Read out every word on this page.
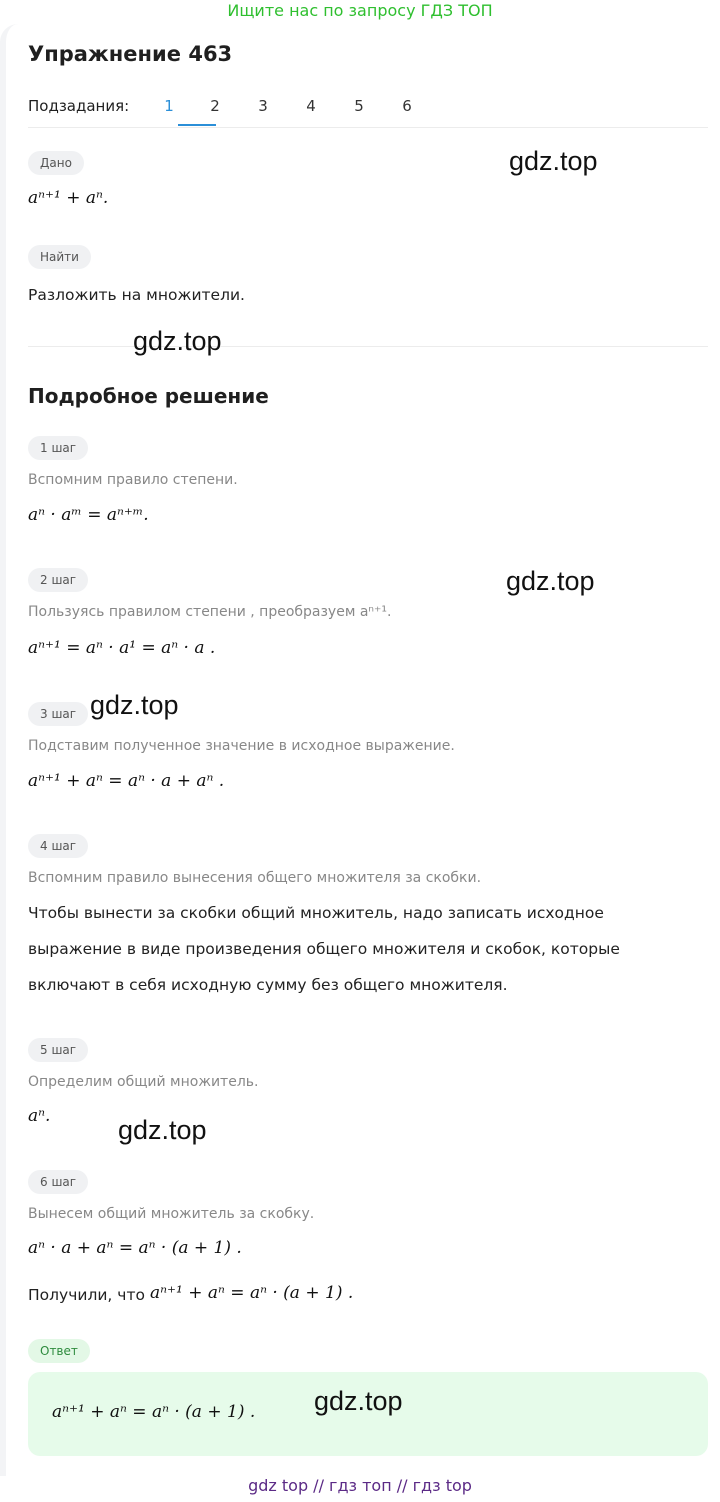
Ищите нас по запросу ГДЗ ТОП
Упражнение 463
Подзадания:	1	2	3	4	5	6
Дано
aⁿ⁺¹ + aⁿ.
Найти
Разложить на множители.
Подробное решение
1 шаг
Вспомним правило степени.
aⁿ · aᵐ = aⁿ⁺ᵐ.
2 шаг
Пользуясь правилом степени , преобразуем aⁿ⁺¹.
aⁿ⁺¹ = aⁿ · a¹ = aⁿ · a .
3 шаг
Подставим полученное значение в исходное выражение.
aⁿ⁺¹ + aⁿ = aⁿ · a + aⁿ .
4 шаг
Вспомним правило вынесения общего множителя за скобки.
Чтобы вынести за скобки общий множитель, надо записать исходное
выражение в виде произведения общего множителя и скобок, которые
включают в себя исходную сумму без общего множителя.
5 шаг
Определим общий множитель.
aⁿ.
6 шаг
Вынесем общий множитель за скобку.
aⁿ · a + aⁿ = aⁿ · (a + 1) .
Получили, что aⁿ⁺¹ + aⁿ = aⁿ · (a + 1) .
Ответ
aⁿ⁺¹ + aⁿ = aⁿ · (a + 1) .
gdz.top
gdz.top
gdz.top
gdz.top
gdz.top
gdz.top
gdz top // гдз топ // гдз top
